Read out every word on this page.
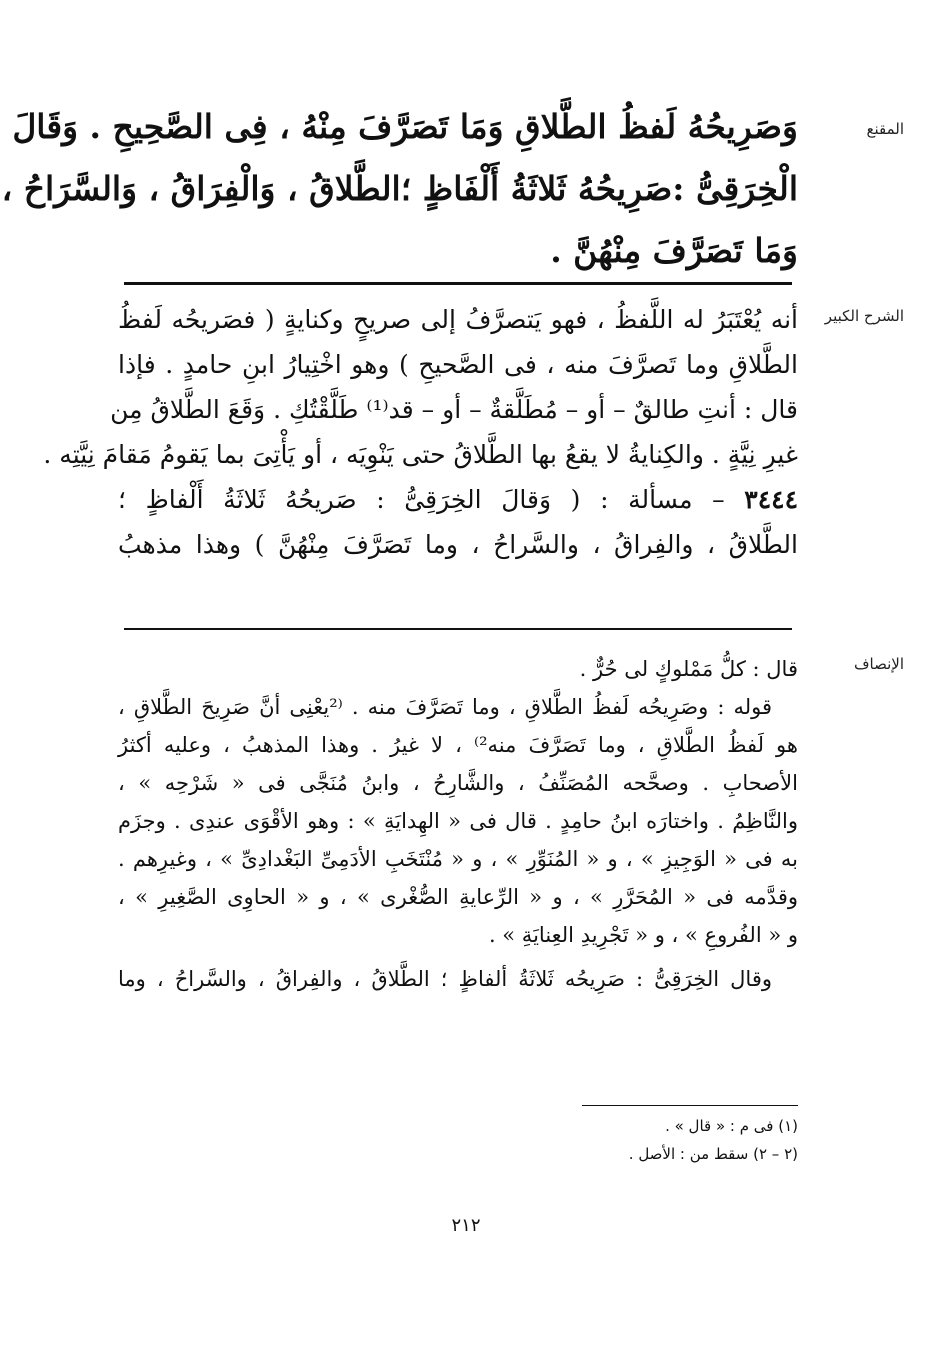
المقنع
وَصَرِيحُهُ لَفظُ الطَّلاقِ وَمَا تَصَرَّفَ مِنْهُ ، فِى الصَّحِيحِ . وَقَالَ
الْخِرَقِىُّ :صَرِيحُهُ ثَلاثَةُ أَلْفَاظٍ ؛الطَّلاقُ ، وَالْفِرَاقُ ، وَالسَّرَاحُ ،
وَمَا تَصَرَّفَ مِنْهُنَّ .
الشرح الكبير
أنه يُعْتَبَرُ له اللَّفظُ ، فهو يَتصرَّفُ إلى صريحٍ وكنايةٍ ( فصَريحُه لَفظُ
الطَّلاقِ وما تَصرَّفَ منه ، فى الصَّحيحِ ) وهو اخْتِيارُ ابنِ حامدٍ . فإذا
قال : أنتِ طالقٌ – أو – مُطَلَّقةٌ – أو – قد⁽¹⁾ طَلَّقْتُكِ . وَقَعَ الطَّلاقُ مِن
غيرِ نِيَّةٍ . والكِنايةُ لا يقعُ بها الطَّلاقُ حتى يَنْوِيَه ، أو يَأْتِىَ بما يَقومُ مَقامَ نِيَّتِه .
٣٤٤٤ – مسألة : ( وَقالَ الخِرَقِىُّ : صَريحُهُ ثَلاثَةُ أَلْفاظٍ ؛
الطَّلاقُ ، والفِراقُ ، والسَّراحُ ، وما تَصَرَّفَ مِنْهُنَّ ) وهذا مذهبُ
الإنصاف
قال : كلُّ مَمْلوكٍ لى حُرٌّ .
قوله : وصَرِيحُه لَفظُ الطَّلاقِ ، وما تَصَرَّفَ منه . ⁽²يعْنِى أنَّ صَرِيحَ الطَّلاقِ ،
هو لَفظُ الطَّلاقِ ، وما تَصَرَّفَ منه²⁾ ، لا غيرُ . وهذا المذهبُ ، وعليه أكثرُ
الأصحابِ . وصحَّحه المُصَنِّفُ ، والشَّارِحُ ، وابنُ مُنَجَّى فى « شَرْحِه » ،
والنَّاظِمُ . واختارَه ابنُ حامِدٍ . قال فى « الهِدايَةِ » : وهو الأقْوَى عندِى . وجزَم
به فى « الوَجِيزِ » ، و « المُنَوِّرِ » ، و « مُنْتَخَبِ الأدَمِىِّ البَغْدادِىِّ » ، وغيرِهم .
وقدَّمه فى « المُحَرَّرِ » ، و « الرِّعايةِ الصُّغْرى » ، و « الحاوِى الصَّغِيرِ » ،
و « الفُروعِ » ، و « تَجْرِيدِ العِنايَةِ » .
وقال الخِرَقِىُّ : صَرِيحُه ثَلاثَةُ ألفاظٍ ؛ الطَّلاقُ ، والفِراقُ ، والسَّراحُ ، وما
(١) فى م : « قال » .
(٢ – ٢) سقط من : الأصل .
٢١٢
